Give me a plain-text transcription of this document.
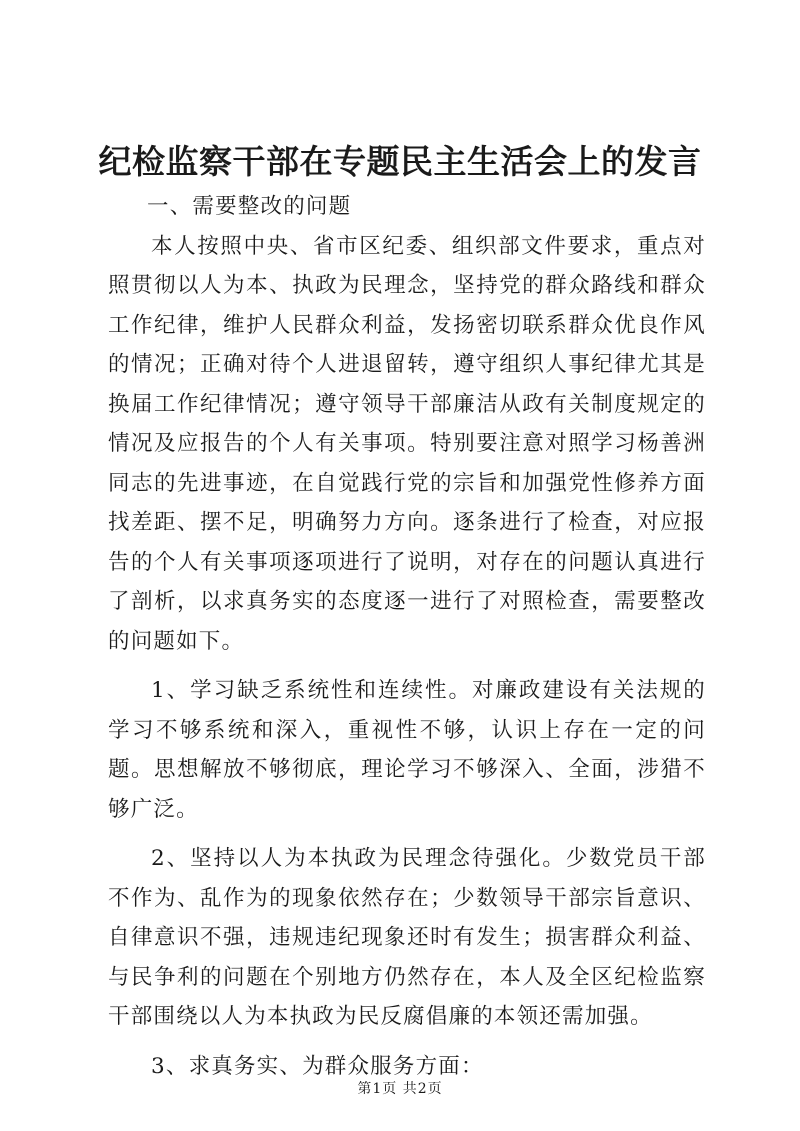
纪检监察干部在专题民主生活会上的发言

一、需要整改的问题

本人按照中央、省市区纪委、组织部文件要求，重点对照贯彻以人为本、执政为民理念，坚持党的群众路线和群众工作纪律，维护人民群众利益，发扬密切联系群众优良作风的情况；正确对待个人进退留转，遵守组织人事纪律尤其是换届工作纪律情况；遵守领导干部廉洁从政有关制度规定的情况及应报告的个人有关事项。特别要注意对照学习杨善洲同志的先进事迹，在自觉践行党的宗旨和加强党性修养方面找差距、摆不足，明确努力方向。逐条进行了检查，对应报告的个人有关事项逐项进行了说明，对存在的问题认真进行了剖析，以求真务实的态度逐一进行了对照检查，需要整改的问题如下。

1、学习缺乏系统性和连续性。对廉政建设有关法规的学习不够系统和深入，重视性不够，认识上存在一定的问题。思想解放不够彻底，理论学习不够深入、全面，涉猎不够广泛。

2、坚持以人为本执政为民理念待强化。少数党员干部不作为、乱作为的现象依然存在；少数领导干部宗旨意识、自律意识不强，违规违纪现象还时有发生；损害群众利益、与民争利的问题在个别地方仍然存在，本人及全区纪检监察干部围绕以人为本执政为民反腐倡廉的本领还需加强。

3、求真务实、为群众服务方面：

第1页 共2页
